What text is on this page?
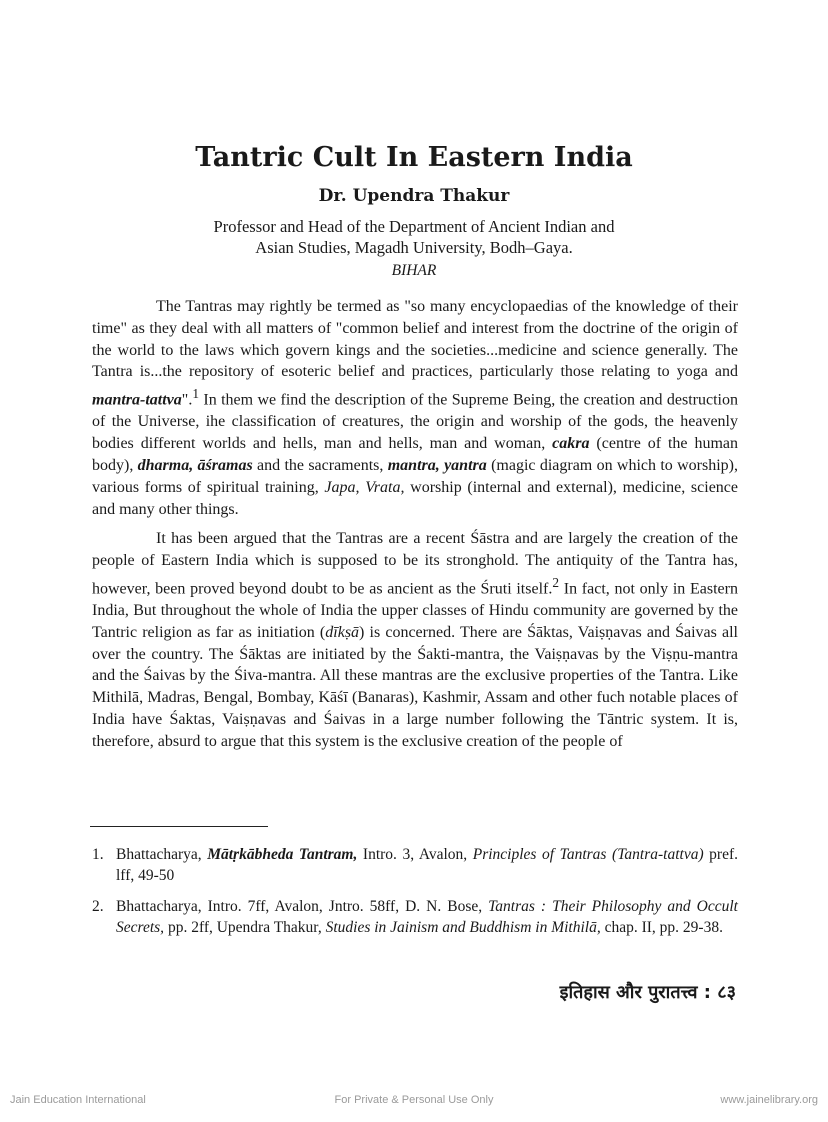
Tantric Cult In Eastern India
Dr. Upendra Thakur
Professor and Head of the Department of Ancient Indian and
Asian Studies, Magadh University, Bodh–Gaya.
BIHAR

The Tantras may rightly be termed as "so many encyclopaedias of the knowledge of their time" as they deal with all matters of "common belief and interest from the doctrine of the origin of the world to the laws which govern kings and the societies...medicine and science generally. The Tantra is...the repository of esoteric belief and practices, particularly those relating to yoga and mantra-tattva".$^1$ In them we find the description of the Supreme Being, the creation and destruction of the Universe, ihe classification of creatures, the origin and worship of the gods, the heavenly bodies different worlds and hells, man and hells, man and woman, cakra (centre of the human body), dharma, āśramas and the sacraments, mantra, yantra (magic diagram on which to worship), various forms of spiritual training, Japa, Vrata, worship (internal and external), medicine, science and many other things.

It has been argued that the Tantras are a recent Śāstra and are largely the creation of the people of Eastern India which is supposed to be its stronghold. The antiquity of the Tantra has, however, been proved beyond doubt to be as ancient as the Śruti itself.$^2$ In fact, not only in Eastern India, But throughout the whole of India the upper classes of Hindu community are governed by the Tantric religion as far as initiation (dīkṣā) is concerned. There are Śāktas, Vaiṣṇavas and Śaivas all over the country. The Śāktas are initiated by the Śakti-mantra, the Vaiṣṇavas by the Viṣṇu-mantra and the Śaivas by the Śiva-mantra. All these mantras are the exclusive properties of the Tantra. Like Mithilā, Madras, Bengal, Bombay, Kāśī (Banaras), Kashmir, Assam and other fuch notable places of India have Śaktas, Vaiṣṇavas and Śaivas in a large number following the Tāntric system. It is, therefore, absurd to argue that this system is the exclusive creation of the people of

1. Bhattacharya, Mātṛkābheda Tantram, Intro. 3, Avalon, Principles of Tantras (Tantra-tattva) pref. lff, 49-50
2. Bhattacharya, Intro. 7ff, Avalon, Jntro. 58ff, D. N. Bose, Tantras : Their Philosophy and Occult Secrets, pp. 2ff, Upendra Thakur, Studies in Jainism and Buddhism in Mithilā, chap. II, pp. 29-38.
इतिहास और पुरातत्त्व : ८३
Jain Education International	For Private & Personal Use Only	www.jainelibrary.org
